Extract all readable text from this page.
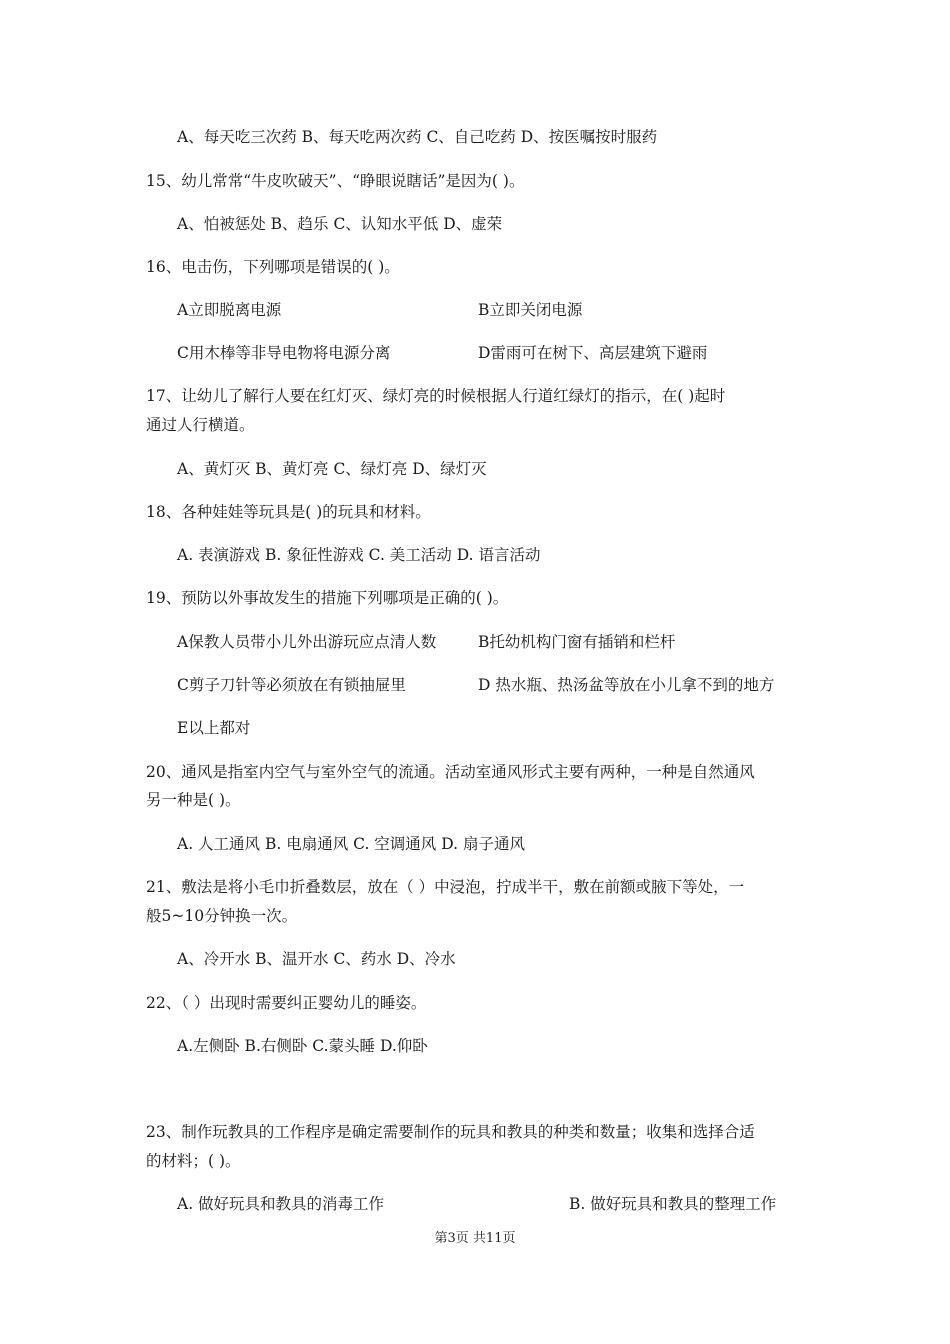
A、每天吃三次药 B、每天吃两次药 C、自己吃药 D、按医嘱按时服药
15、幼儿常常“牛皮吹破天”、“睁眼说瞎话”是因为( )。
A、怕被惩处 B、趋乐 C、认知水平低 D、虚荣
16、电击伤，下列哪项是错误的( )。
A立即脱离电源	B立即关闭电源
C用木棒等非导电物将电源分离	D雷雨可在树下、高层建筑下避雨
17、让幼儿了解行人要在红灯灭、绿灯亮的时候根据人行道红绿灯的指示，在( )起时
通过人行横道。
A、黄灯灭 B、黄灯亮 C、绿灯亮 D、绿灯灭
18、各种娃娃等玩具是( )的玩具和材料。
A. 表演游戏 B. 象征性游戏 C. 美工活动 D. 语言活动
19、预防以外事故发生的措施下列哪项是正确的( )。
A保教人员带小儿外出游玩应点清人数	B托幼机构门窗有插销和栏杆
C剪子刀针等必须放在有锁抽屉里	D 热水瓶、热汤盆等放在小儿拿不到的地方
E以上都对
20、通风是指室内空气与室外空气的流通。活动室通风形式主要有两种，一种是自然通风
另一种是( )。
A. 人工通风 B. 电扇通风 C. 空调通风 D. 扇子通风
21、敷法是将小毛巾折叠数层，放在（ ）中浸泡，拧成半干，敷在前额或腋下等处，一
般5~10分钟换一次。
A、冷开水 B、温开水 C、药水 D、冷水
22、（ ）出现时需要纠正婴幼儿的睡姿。
A.左侧卧 B.右侧卧 C.蒙头睡 D.仰卧
23、制作玩教具的工作程序是确定需要制作的玩具和教具的种类和数量；收集和选择合适
的材料；( )。
A. 做好玩具和教具的消毒工作	B. 做好玩具和教具的整理工作
第3页 共11页
